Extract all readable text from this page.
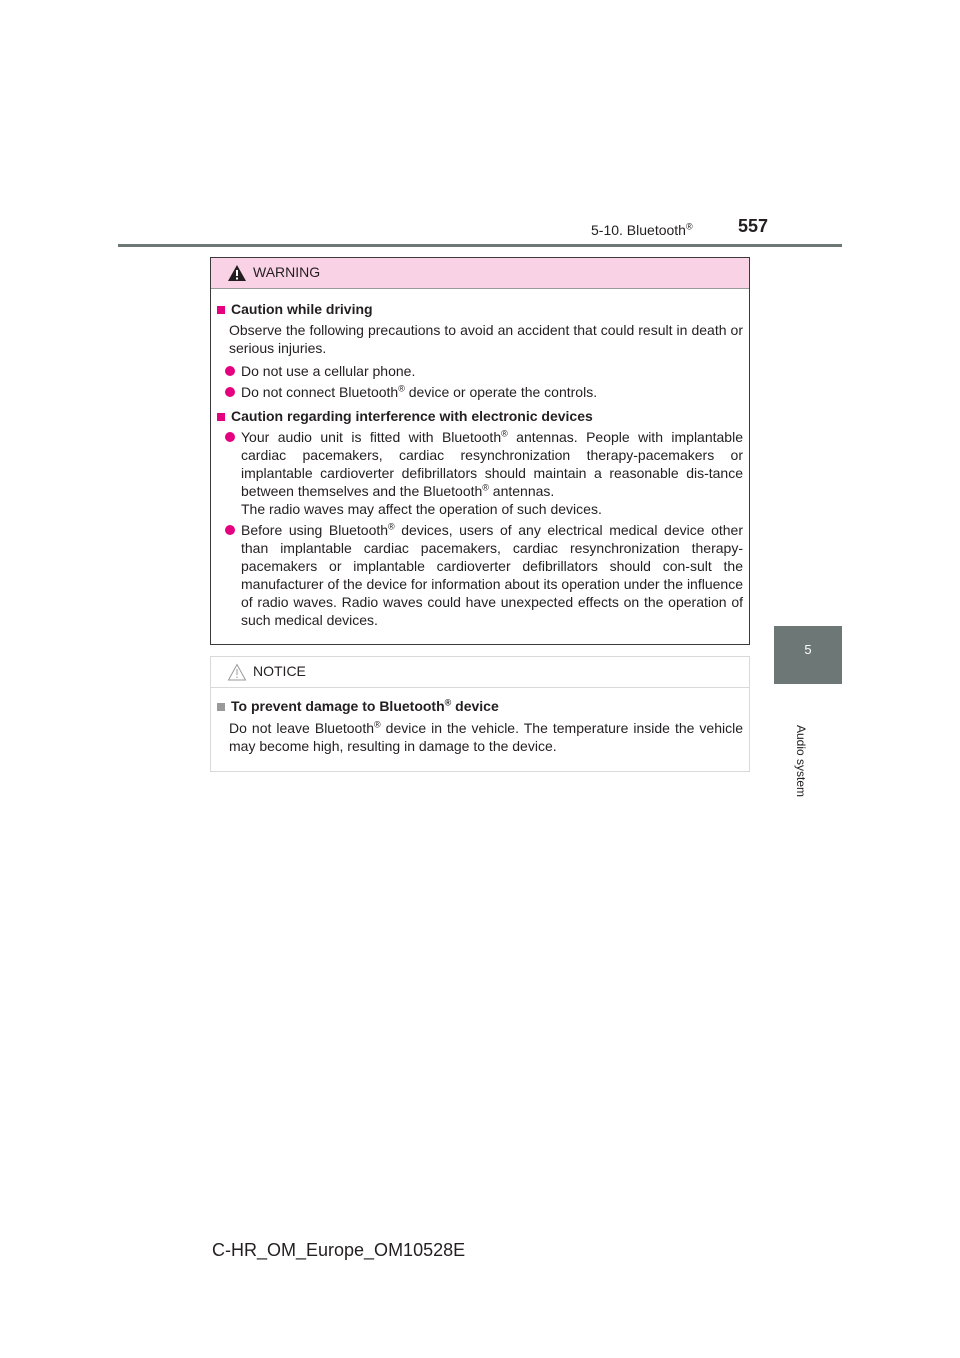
5-10. Bluetooth®	557
5
Audio system
WARNING
Caution while driving
Observe the following precautions to avoid an accident that could result in death or serious injuries.
Do not use a cellular phone.
Do not connect Bluetooth® device or operate the controls.
Caution regarding interference with electronic devices
Your audio unit is fitted with Bluetooth® antennas. People with implantable cardiac pacemakers, cardiac resynchronization therapy-pacemakers or implantable cardioverter defibrillators should maintain a reasonable dis-tance between themselves and the Bluetooth® antennas.
The radio waves may affect the operation of such devices.
Before using Bluetooth® devices, users of any electrical medical device other than implantable cardiac pacemakers, cardiac resynchronization therapy-pacemakers or implantable cardioverter defibrillators should con-sult the manufacturer of the device for information about its operation under the influence of radio waves. Radio waves could have unexpected effects on the operation of such medical devices.
NOTICE
To prevent damage to Bluetooth® device
Do not leave Bluetooth® device in the vehicle. The temperature inside the vehicle may become high, resulting in damage to the device.
C-HR_OM_Europe_OM10528E
